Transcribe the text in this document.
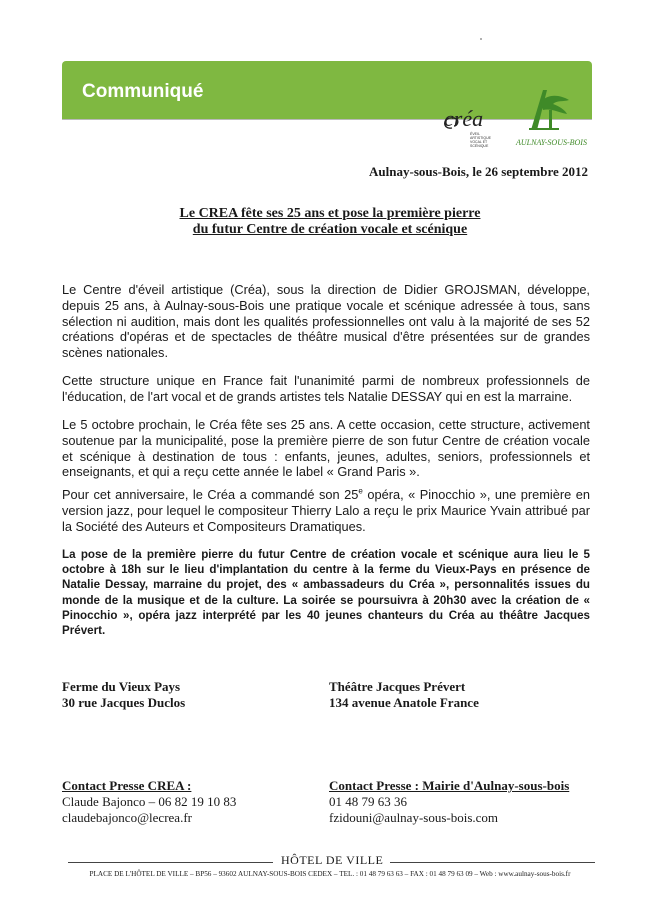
Communiqué
créa
ÉVEIL ARTISTIQUE VOCAL ET SCÉNIQUE	AULNAY-SOUS-BOIS
Aulnay-sous-Bois, le 26 septembre 2012
Le CREA fête ses 25 ans et pose la première pierre
du futur Centre de création vocale et scénique

Le Centre d'éveil artistique (Créa), sous la direction de Didier GROJSMAN, développe, depuis 25 ans, à Aulnay-sous-Bois une pratique vocale et scénique adressée à tous, sans sélection ni audition, mais dont les qualités professionnelles ont valu à la majorité de ses 52 créations d'opéras et de spectacles de théâtre musical d'être présentées sur de grandes scènes nationales.

Cette structure unique en France fait l'unanimité parmi de nombreux professionnels de l'éducation, de l'art vocal et de grands artistes tels Natalie DESSAY qui en est la marraine.

Le 5 octobre prochain, le Créa fête ses 25 ans. A cette occasion, cette structure, activement soutenue par la municipalité, pose la première pierre de son futur Centre de création vocale et scénique à destination de tous : enfants, jeunes, adultes, seniors, professionnels et enseignants, et qui a reçu cette année le label « Grand Paris ».

Pour cet anniversaire, le Créa a commandé son 25e opéra, « Pinocchio », une première en version jazz, pour lequel le compositeur Thierry Lalo a reçu le prix Maurice Yvain attribué par la Société des Auteurs et Compositeurs Dramatiques.

La pose de la première pierre du futur Centre de création vocale et scénique aura lieu le 5 octobre à 18h sur le lieu d'implantation du centre à la ferme du Vieux-Pays en présence de Natalie Dessay, marraine du projet, des « ambassadeurs du Créa », personnalités issues du monde de la musique et de la culture. La soirée se poursuivra à 20h30 avec la création de « Pinocchio », opéra jazz interprété par les 40 jeunes chanteurs du Créa au théâtre Jacques Prévert.

Ferme du Vieux Pays
30 rue Jacques Duclos
Théâtre Jacques Prévert
134 avenue Anatole France
Contact Presse CREA :
Claude Bajonco – 06 82 19 10 83
claudebajonco@lecrea.fr
Contact Presse : Mairie d'Aulnay-sous-bois
01 48 79 63 36
fzidouni@aulnay-sous-bois.com
HÔTEL DE VILLE
PLACE DE L'HÔTEL DE VILLE – BP56 – 93602 AULNAY-SOUS-BOIS CEDEX – TEL. : 01 48 79 63 63 – FAX : 01 48 79 63 09 – Web : www.aulnay-sous-bois.fr
